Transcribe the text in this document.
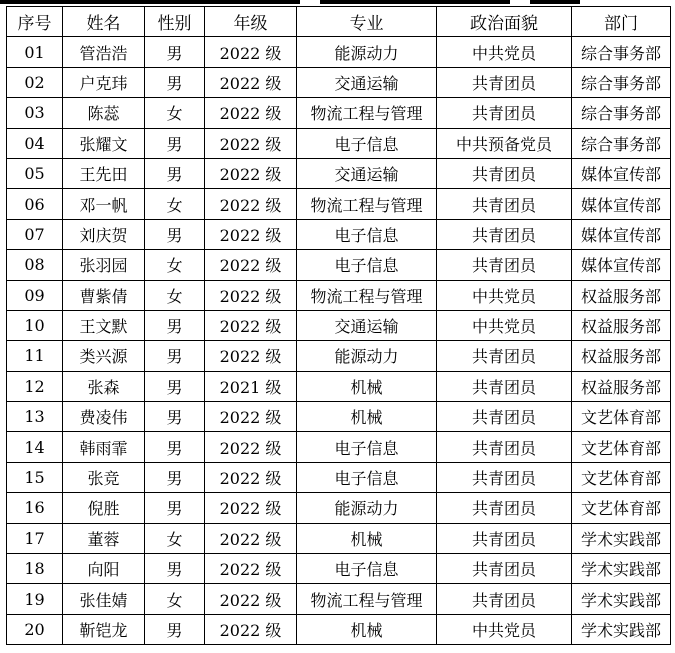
序号	姓名	性别	年级	专业	政治面貌	部门
01	管浩浩	男	2022 级	能源动力	中共党员	综合事务部
02	户克玮	男	2022 级	交通运输	共青团员	综合事务部
03	陈蕊	女	2022 级	物流工程与管理	共青团员	综合事务部
04	张耀文	男	2022 级	电子信息	中共预备党员	综合事务部
05	王先田	男	2022 级	交通运输	共青团员	媒体宣传部
06	邓一帆	女	2022 级	物流工程与管理	共青团员	媒体宣传部
07	刘庆贺	男	2022 级	电子信息	共青团员	媒体宣传部
08	张羽园	女	2022 级	电子信息	共青团员	媒体宣传部
09	曹紫倩	女	2022 级	物流工程与管理	中共党员	权益服务部
10	王文默	男	2022 级	交通运输	中共党员	权益服务部
11	类兴源	男	2022 级	能源动力	共青团员	权益服务部
12	张森	男	2021 级	机械	共青团员	权益服务部
13	费凌伟	男	2022 级	机械	共青团员	文艺体育部
14	韩雨霏	男	2022 级	电子信息	共青团员	文艺体育部
15	张竞	男	2022 级	电子信息	共青团员	文艺体育部
16	倪胜	男	2022 级	能源动力	共青团员	文艺体育部
17	董蓉	女	2022 级	机械	共青团员	学术实践部
18	向阳	男	2022 级	电子信息	共青团员	学术实践部
19	张佳婧	女	2022 级	物流工程与管理	共青团员	学术实践部
20	靳铠龙	男	2022 级	机械	中共党员	学术实践部
